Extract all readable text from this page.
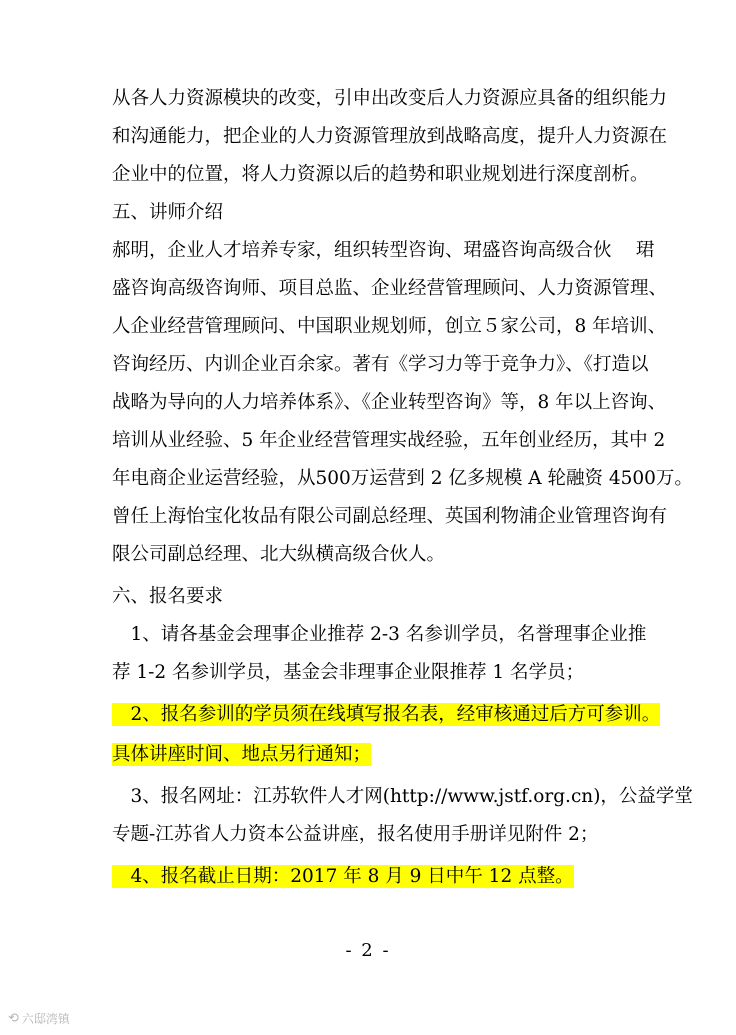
从各人力资源模块的改变，引申出改变后人力资源应具备的组织能力
和沟通能力，把企业的人力资源管理放到战略高度，提升人力资源在
企业中的位置，将人力资源以后的趋势和职业规划进行深度剖析。
五、讲师介绍
郝明，企业人才培养专家，组织转型咨询、珺盛咨询高级合伙　 珺
盛咨询高级咨询师、项目总监、企业经营管理顾问、人力资源管理、
人企业经营管理顾问、中国职业规划师，创立５家公司，8 年培训、
咨询经历、内训企业百余家。著有《学习力等于竞争力》、《打造以
战略为导向的人力培养体系》、《企业转型咨询》等，8 年以上咨询、
培训从业经验、5 年企业经营管理实战经验，五年创业经历，其中 2
年电商企业运营经验，从500万运营到 2 亿多规模 A 轮融资 4500万。
曾任上海怡宝化妆品有限公司副总经理、英国利物浦企业管理咨询有
限公司副总经理、北大纵横高级合伙人。
六、报名要求
　1、请各基金会理事企业推荐 2-3 名参训学员，名誉理事企业推
荐 1-2 名参训学员，基金会非理事企业限推荐 1 名学员；
　2、报名参训的学员须在线填写报名表，经审核通过后方可参训。
具体讲座时间、地点另行通知；
　3、报名网址：江苏软件人才网(http://www.jstf.org.cn)，公益学堂
专题-江苏省人力资本公益讲座，报名使用手册详见附件 2；
　4、报名截止日期：2017 年 8 月 9 日中午 12 点整。
- 2 -
⟲ 六邸湾镇
